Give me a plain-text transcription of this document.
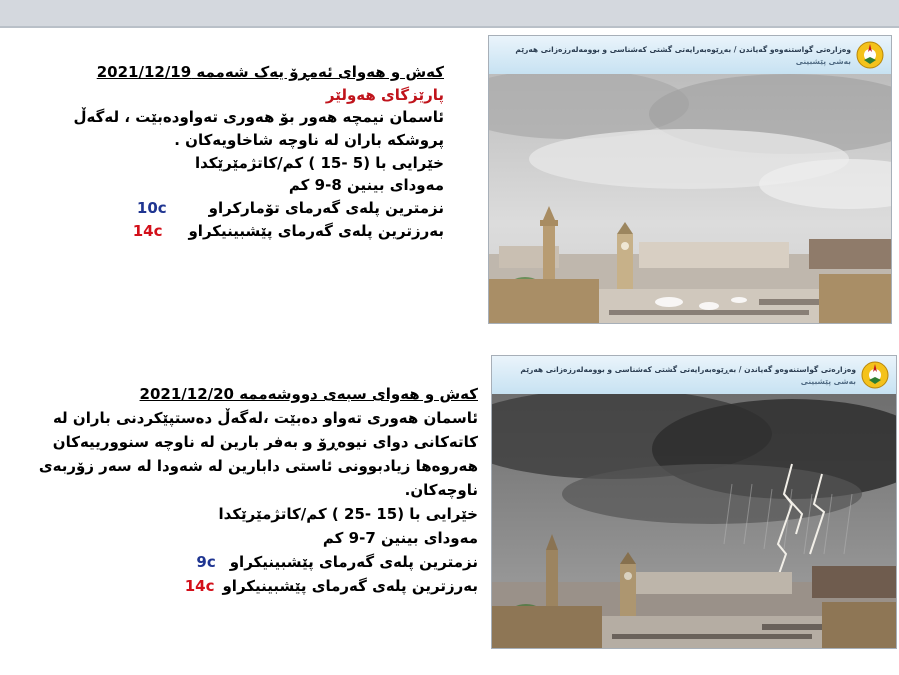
کەش و هەوای ئەمڕۆ یەک شەممە 2021/12/19
پارێزگای هەولێر
ئاسمان نیمچە هەور بۆ هەوری تەواودەبێت ، لەگەڵ
پروشکە باران لە ناوچە شاخاویەکان .
خێرایی با (5 -15 ) کم/کاتژمێرێکدا
مەودای بینین 8-9 کم
نزمترین پلەی گەرمای تۆمارکراو10c
بەرزترین پلەی گەرمای پێشبینیکراو14c
کەش و هەوای سبەی دووشەممە 2021/12/20
ئاسمان هەوری تەواو دەبێت ،لەگەڵ دەستپێکردنی باران لە
کاتەکانی دوای نیوەڕۆ و بەفر بارین لە ناوچە سنوورییەکان
هەروەها زیادبوونی ئاستی دابارین لە شەودا لە سەر زۆربەی
ناوچەکان.
خێرایی با (15 -25 ) کم/کاتژمێرێکدا
مەودای بینین 7-9 کم
نزمترین پلەی گەرمای پێشبینیکراو9c
بەرزترین پلەی گەرمای پێشبینیکراو14c
وەزارەتی گواستنەوەو گەیاندن / بەڕێوەبەرایەتی گشتی کەشناسی و بوومەلەرزەزانی هەرێم
بەشی پێشبینی
وەزارەتی گواستنەوەو گەیاندن / بەڕێوەبەرایەتی گشتی کەشناسی و بوومەلەرزەزانی هەرێم
بەشی پێشبینی
